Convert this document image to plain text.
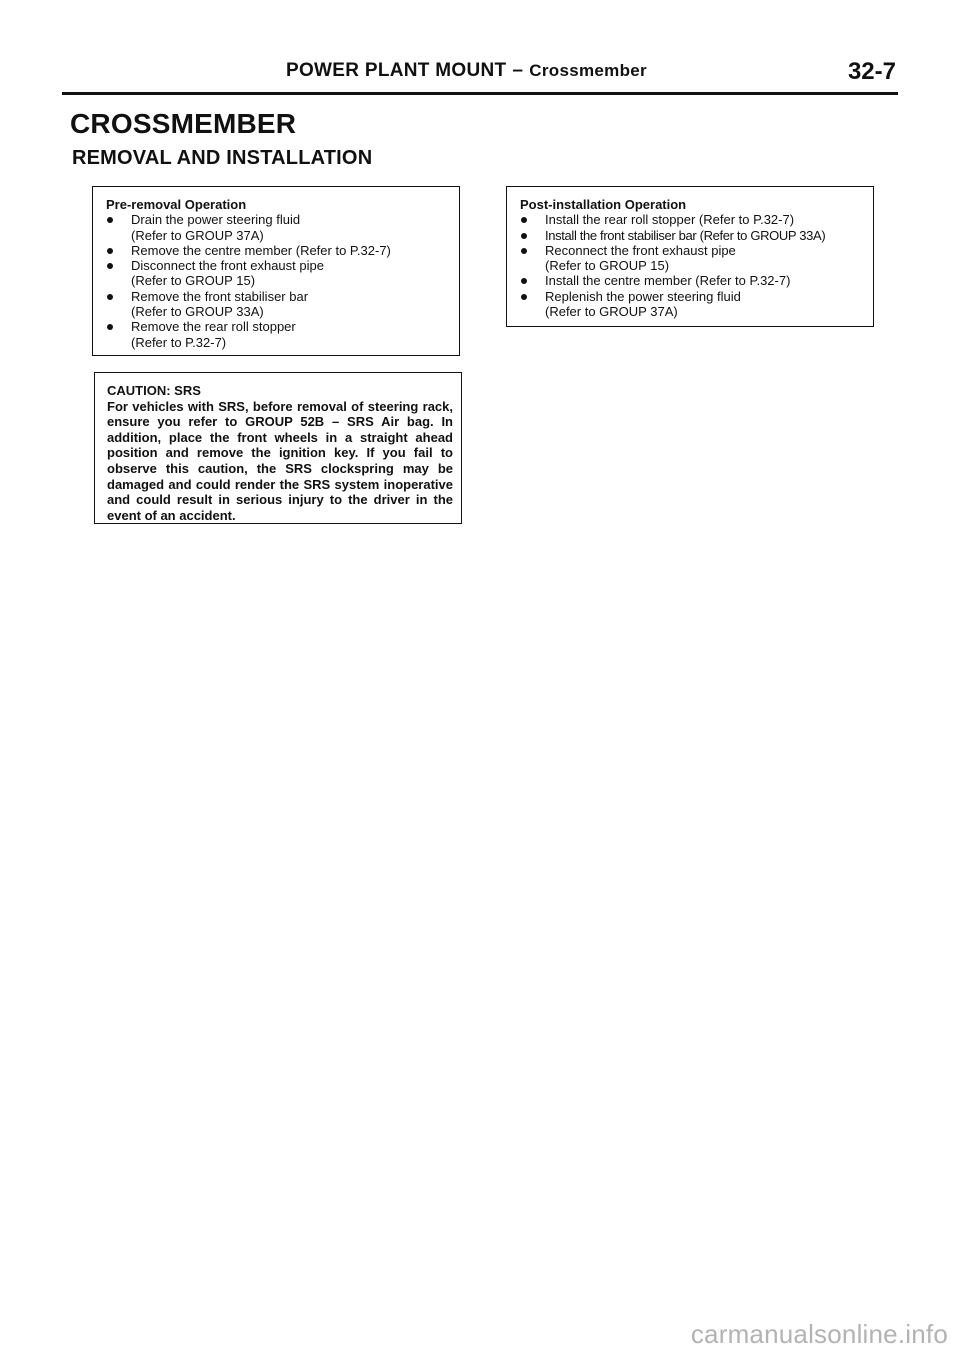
POWER PLANT MOUNT – Crossmember	32-7
CROSSMEMBER
REMOVAL AND INSTALLATION
Pre-removal Operation
Drain the power steering fluid
(Refer to GROUP 37A)
Remove the centre member (Refer to P.32-7)
Disconnect the front exhaust pipe
(Refer to GROUP 15)
Remove the front stabiliser bar
(Refer to GROUP 33A)
Remove the rear roll stopper
(Refer to P.32-7)
Post-installation Operation
Install the rear roll stopper (Refer to P.32-7)
Install the front stabiliser bar (Refer to GROUP 33A)
Reconnect the front exhaust pipe
(Refer to GROUP 15)
Install the centre member (Refer to P.32-7)
Replenish the power steering fluid
(Refer to GROUP 37A)
CAUTION: SRS
For vehicles with SRS, before removal of steering rack, ensure you refer to GROUP 52B – SRS Air bag. In addition, place the front wheels in a straight ahead position and remove the ignition key. If you fail to observe this caution, the SRS clockspring may be damaged and could render the SRS system inoperative and could result in serious injury to the driver in the event of an accident.
carmanualsonline.info
